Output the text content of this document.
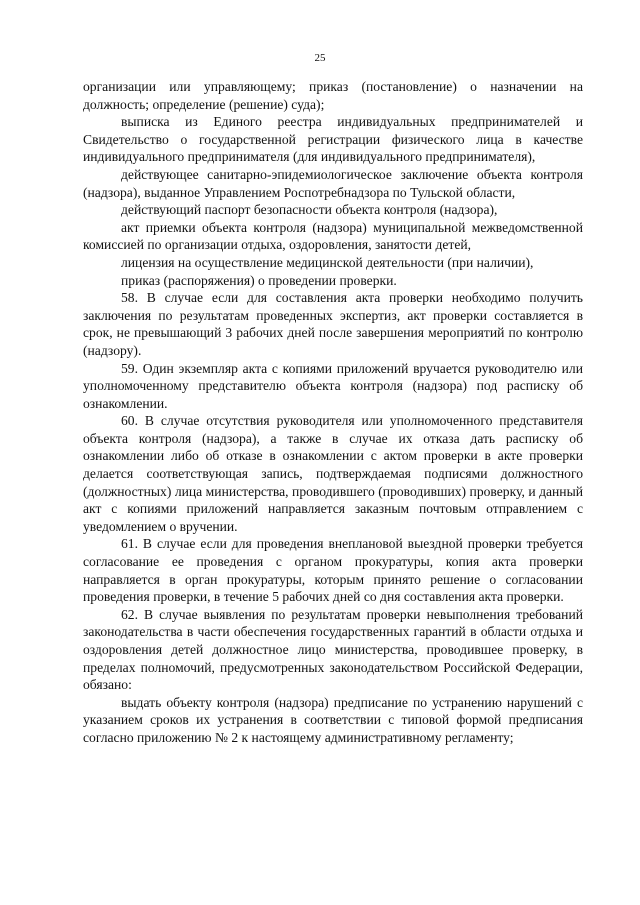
25

организации или управляющему; приказ (постановление) о назначении на должность; определение (решение) суда);

выписка из Единого реестра индивидуальных предпринимателей и Свидетельство о государственной регистрации физического лица в качестве индивидуального предпринимателя (для индивидуального предпринимателя),

действующее санитарно-эпидемиологическое заключение объекта контроля (надзора), выданное Управлением Роспотребнадзора по Тульской области,

действующий паспорт безопасности объекта контроля (надзора),

акт приемки объекта контроля (надзора) муниципальной межведомственной комиссией по организации отдыха, оздоровления, занятости детей,

лицензия на осуществление медицинской деятельности (при наличии),

приказ (распоряжения) о проведении проверки.

58. В случае если для составления акта проверки необходимо получить заключения по результатам проведенных экспертиз, акт проверки составляется в срок, не превышающий 3 рабочих дней после завершения мероприятий по контролю (надзору).

59. Один экземпляр акта с копиями приложений вручается руководителю или уполномоченному представителю объекта контроля (надзора) под расписку об ознакомлении.

60. В случае отсутствия руководителя или уполномоченного представителя объекта контроля (надзора), а также в случае их отказа дать расписку об ознакомлении либо об отказе в ознакомлении с актом проверки в акте проверки делается соответствующая запись, подтверждаемая подписями должностного (должностных) лица министерства, проводившего (проводивших) проверку, и данный акт с копиями приложений направляется заказным почтовым отправлением с уведомлением о вручении.

61. В случае если для проведения внеплановой выездной проверки требуется согласование ее проведения с органом прокуратуры, копия акта проверки направляется в орган прокуратуры, которым принято решение о согласовании проведения проверки, в течение 5 рабочих дней со дня составления акта проверки.

62. В случае выявления по результатам проверки невыполнения требований законодательства в части обеспечения государственных гарантий в области отдыха и оздоровления детей должностное лицо министерства, проводившее проверку, в пределах полномочий, предусмотренных законодательством Российской Федерации, обязано:

выдать объекту контроля (надзора) предписание по устранению нарушений с указанием сроков их устранения в соответствии с типовой формой предписания согласно приложению № 2 к настоящему административному регламенту;
